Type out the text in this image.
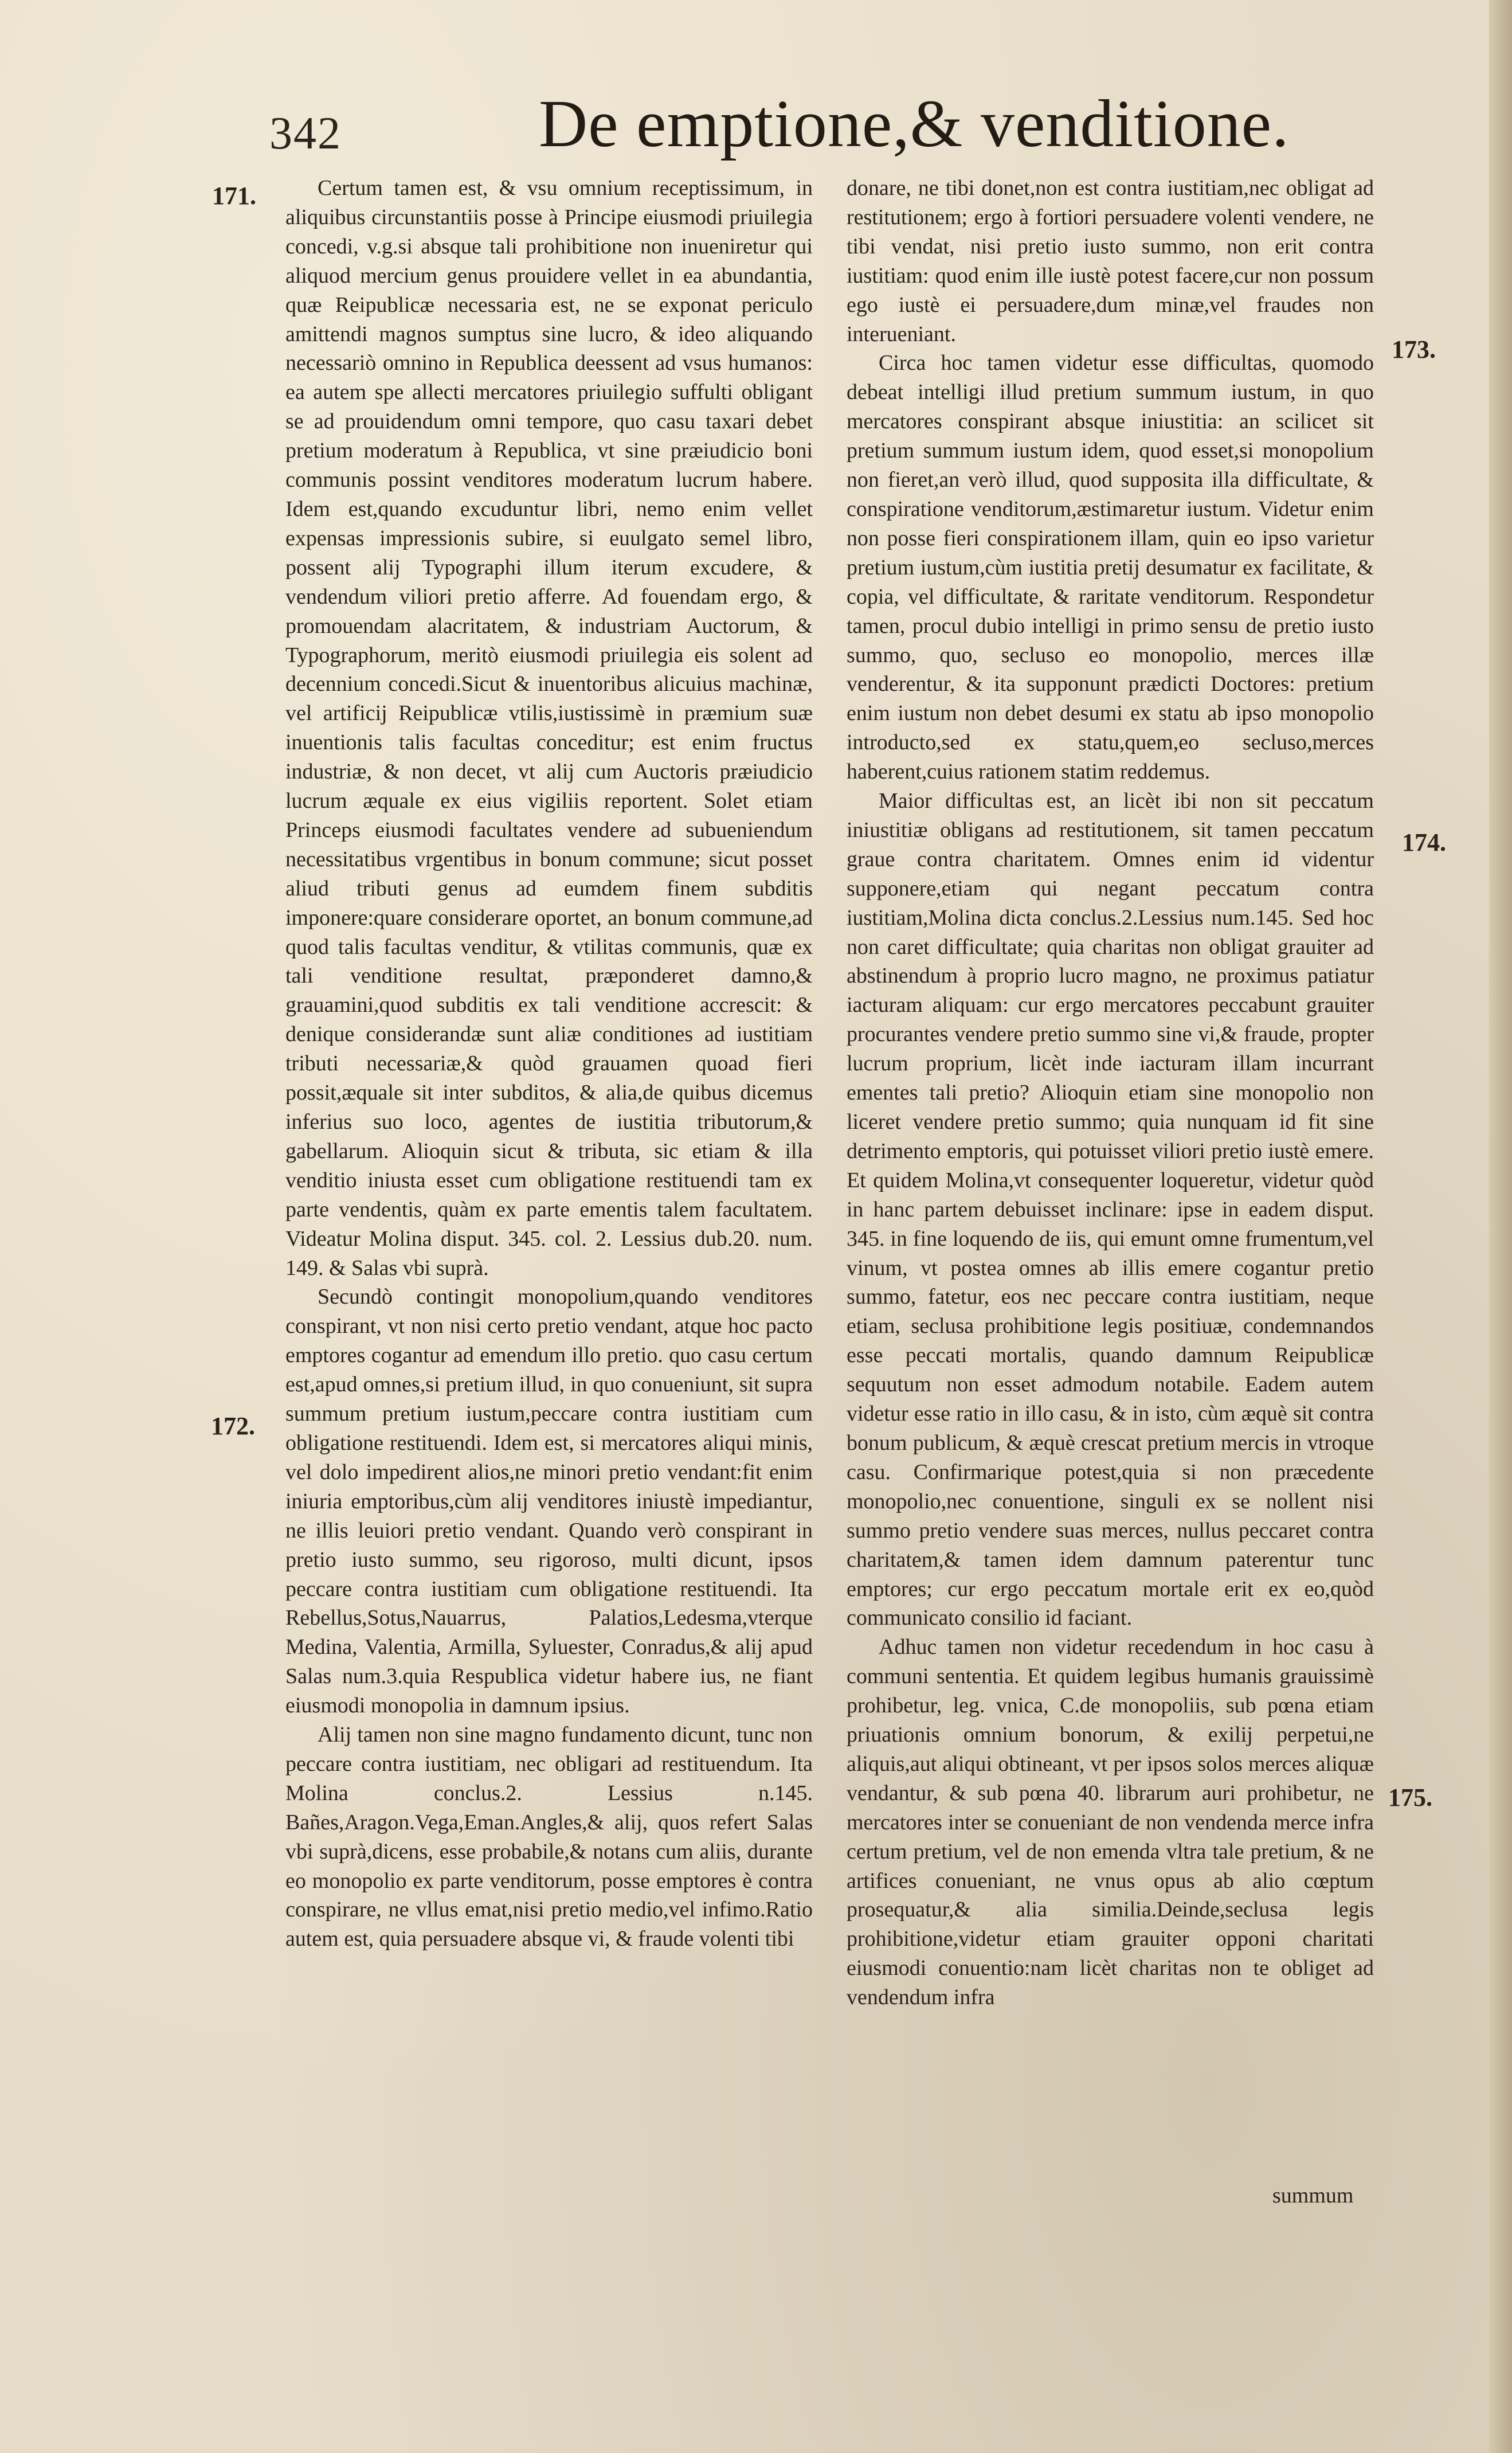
342	De emptione,& venditione.
171.
172.
173.
174.
175.

Certum tamen est, & vsu omnium receptissimum, in aliquibus circunstantiis posse à Principe eiusmodi priuilegia concedi, v.g.si absque tali prohibitione non inueniretur qui aliquod mercium genus prouidere vellet in ea abundantia, quæ Reipublicæ necessaria est, ne se exponat periculo amittendi magnos sumptus sine lucro, & ideo aliquando necessariò omnino in Republica deessent ad vsus humanos: ea autem spe allecti mercatores priuilegio suffulti obligant se ad prouidendum omni tempore, quo casu taxari debet pretium moderatum à Republica, vt sine præiudicio boni communis possint venditores moderatum lucrum habere. Idem est,quando excuduntur libri, nemo enim vellet expensas impressionis subire, si euulgato semel libro, possent alij Typographi illum iterum excudere, & vendendum viliori pretio afferre. Ad fouendam ergo, & promouendam alacritatem, & industriam Auctorum, & Typographorum, meritò eiusmodi priuilegia eis solent ad decennium concedi.Sicut & inuentoribus alicuius machinæ, vel artificij Reipublicæ vtilis,iustissimè in præmium suæ inuentionis talis facultas conceditur; est enim fructus industriæ, & non decet, vt alij cum Auctoris præiudicio lucrum æquale ex eius vigiliis reportent. Solet etiam Princeps eiusmodi facultates vendere ad subueniendum necessitatibus vrgentibus in bonum commune; sicut posset aliud tributi genus ad eumdem finem subditis imponere:quare considerare oportet, an bonum commune,ad quod talis facultas venditur, & vtilitas communis, quæ ex tali venditione resultat, præponderet damno,& grauamini,quod subditis ex tali venditione accrescit: & denique considerandæ sunt aliæ conditiones ad iustitiam tributi necessariæ,& quòd grauamen quoad fieri possit,æquale sit inter subditos, & alia,de quibus dicemus inferius suo loco, agentes de iustitia tributorum,& gabellarum. Alioquin sicut & tributa, sic etiam & illa venditio iniusta esset cum obligatione restituendi tam ex parte vendentis, quàm ex parte ementis talem facultatem. Videatur Molina disput. 345. col. 2. Lessius dub.20. num. 149. & Salas vbi suprà.

Secundò contingit monopolium,quando venditores conspirant, vt non nisi certo pretio vendant, atque hoc pacto emptores cogantur ad emendum illo pretio. quo casu certum est,apud omnes,si pretium illud, in quo conueniunt, sit supra summum pretium iustum,peccare contra iustitiam cum obligatione restituendi. Idem est, si mercatores aliqui minis, vel dolo impedirent alios,ne minori pretio vendant:fit enim iniuria emptoribus,cùm alij venditores iniustè impediantur, ne illis leuiori pretio vendant. Quando verò conspirant in pretio iusto summo, seu rigoroso, multi dicunt, ipsos peccare contra iustitiam cum obligatione restituendi. Ita Rebellus,Sotus,Nauarrus, Palatios,Ledesma,vterque Medina, Valentia, Armilla, Syluester, Conradus,& alij apud Salas num.3.quia Respublica videtur habere ius, ne fiant eiusmodi monopolia in damnum ipsius.

Alij tamen non sine magno fundamento dicunt, tunc non peccare contra iustitiam, nec obligari ad restituendum. Ita Molina conclus.2. Lessius n.145. Bañes,Aragon.Vega,Eman.Angles,& alij, quos refert Salas vbi suprà,dicens, esse probabile,& notans cum aliis, durante eo monopolio ex parte venditorum, posse emptores è contra conspirare, ne vllus emat,nisi pretio medio,vel infimo.Ratio autem est, quia persuadere absque vi, & fraude volenti tibi

donare, ne tibi donet,non est contra iustitiam,nec obligat ad restitutionem; ergo à fortiori persuadere volenti vendere, ne tibi vendat, nisi pretio iusto summo, non erit contra iustitiam: quod enim ille iustè potest facere,cur non possum ego iustè ei persuadere,dum minæ,vel fraudes non interueniant.

Circa hoc tamen videtur esse difficultas, quomodo debeat intelligi illud pretium summum iustum, in quo mercatores conspirant absque iniustitia: an scilicet sit pretium summum iustum idem, quod esset,si monopolium non fieret,an verò illud, quod supposita illa difficultate, & conspiratione venditorum,æstimaretur iustum. Videtur enim non posse fieri conspirationem illam, quin eo ipso varietur pretium iustum,cùm iustitia pretij desumatur ex facilitate, & copia, vel difficultate, & raritate venditorum. Respondetur tamen, procul dubio intelligi in primo sensu de pretio iusto summo, quo, secluso eo monopolio, merces illæ venderentur, & ita supponunt prædicti Doctores: pretium enim iustum non debet desumi ex statu ab ipso monopolio introducto,sed ex statu,quem,eo secluso,merces haberent,cuius rationem statim reddemus.

Maior difficultas est, an licèt ibi non sit peccatum iniustitiæ obligans ad restitutionem, sit tamen peccatum graue contra charitatem. Omnes enim id videntur supponere,etiam qui negant peccatum contra iustitiam,Molina dicta conclus.2.Lessius num.145. Sed hoc non caret difficultate; quia charitas non obligat grauiter ad abstinendum à proprio lucro magno, ne proximus patiatur iacturam aliquam: cur ergo mercatores peccabunt grauiter procurantes vendere pretio summo sine vi,& fraude, propter lucrum proprium, licèt inde iacturam illam incurrant ementes tali pretio? Alioquin etiam sine monopolio non liceret vendere pretio summo; quia nunquam id fit sine detrimento emptoris, qui potuisset viliori pretio iustè emere. Et quidem Molina,vt consequenter loqueretur, videtur quòd in hanc partem debuisset inclinare: ipse in eadem disput. 345. in fine loquendo de iis, qui emunt omne frumentum,vel vinum, vt postea omnes ab illis emere cogantur pretio summo, fatetur, eos nec peccare contra iustitiam, neque etiam, seclusa prohibitione legis positiuæ, condemnandos esse peccati mortalis, quando damnum Reipublicæ sequutum non esset admodum notabile. Eadem autem videtur esse ratio in illo casu, & in isto, cùm æquè sit contra bonum publicum, & æquè crescat pretium mercis in vtroque casu. Confirmarique potest,quia si non præcedente monopolio,nec conuentione, singuli ex se nollent nisi summo pretio vendere suas merces, nullus peccaret contra charitatem,& tamen idem damnum paterentur tunc emptores; cur ergo peccatum mortale erit ex eo,quòd communicato consilio id faciant.

Adhuc tamen non videtur recedendum in hoc casu à communi sententia. Et quidem legibus humanis grauissimè prohibetur, leg. vnica, C.de monopoliis, sub pœna etiam priuationis omnium bonorum, & exilij perpetui,ne aliquis,aut aliqui obtineant, vt per ipsos solos merces aliquæ vendantur, & sub pœna 40. librarum auri prohibetur, ne mercatores inter se conueniant de non vendenda merce infra certum pretium, vel de non emenda vltra tale pretium, & ne artifices conueniant, ne vnus opus ab alio cœptum prosequatur,& alia similia.Deinde,seclusa legis prohibitione,videtur etiam grauiter opponi charitati eiusmodi conuentio:nam licèt charitas non te obliget ad vendendum infra

summum
